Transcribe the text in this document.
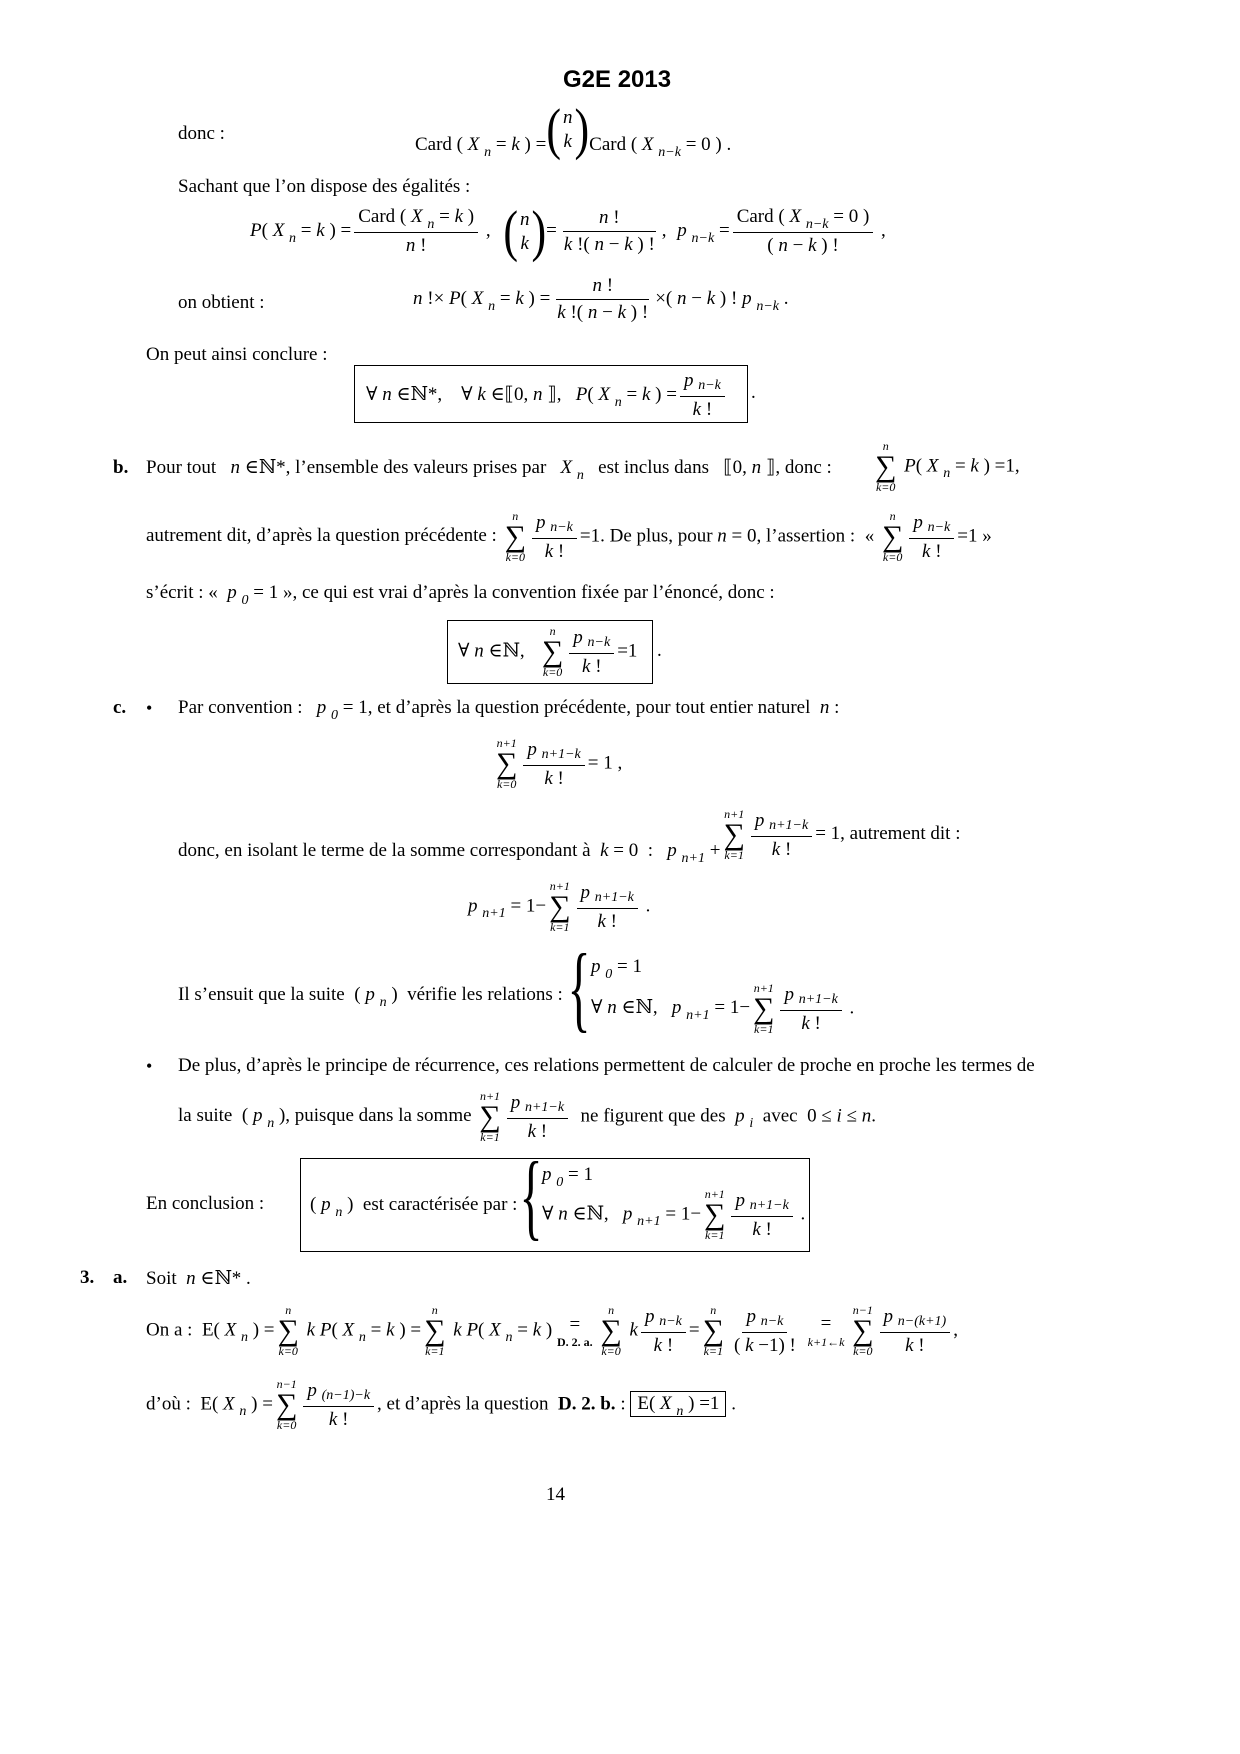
G2E 2013
donc :
Card ( X $_n$ = k ) = ( n
k ) Card ( X $_{n-k}$ = 0 ) .
Sachant que l’on dispose des égalités :
P( X $_n$ = k ) = $\frac{Card ( X _n = k )}{n !}$ , ( n
k ) = $\frac{n !}{k !( n - k ) !}$ , p $_{n-k} = \frac{Card ( X _{n-k} = 0 )}{( n - k ) !}$ ,
on obtient :	n !× P( X $_n$ = k ) = $\frac{n !}{k !( n - k ) !}$ ×( n − k ) ! p $_{n-k}$ .
On peut ainsi conclure :
∀ n ∈ℕ*,    ∀ k ∈⟦0, n ⟧,   P( X $_n$ = k ) = $\frac{\text{p n−k}}{k !}$ .
b. Pour tout n ∈ℕ*, l’ensemble des valeurs prises par X $_n$ est inclus dans   ⟦0, n ⟧, donc :
n
∑
k=0
P( X $_n$ = k ) =1,
autrement dit, d’après la question précédente :
n
∑
$k=0 \frac{\text{p n−k}}{k !} =1$. De plus, pour n = 0, l’assertion :  «
n
∑
$k=0 \frac{\text{p n−k}}{k !} =1$ »
s’écrit : « p $_0$ = 1 », ce qui est vrai d’après la convention fixée par l’énoncé, donc :
∀ n ∈ℕ,
n
∑
$k=0 \frac{\text{p n−k}}{k !} =1$ .
c. • Par convention : p $_0$ = 1, et d’après la question précédente, pour tout entier naturel n :
n+1
∑
$k=0 \frac{\text{p n+1−k}}{k !} = 1$ ,
donc, en isolant le terme de la somme correspondant à k = 0  :   p $_{n+1}$ +
n+1
∑
$k=1 \frac{\text{p n+1−k}}{k !} = 1$, autrement dit :
p $_{n+1}$ = 1−
n+1
∑
$k=1 \frac{\text{p n+1−k}}{k !}$ .
Il s’ensuit que la suite  ( p $_n$ )  vérifie les relations : { p $_0$ = 1
∀ n ∈ℕ,   p $_{n+1}$ = 1−
n+1
∑
$k=1 \frac{\text{p n+1−k}}{k !}$ .
• De plus, d’après le principe de récurrence, ces relations permettent de calculer de proche en proche les termes de
la suite  ( p $_n$ ), puisque dans la somme
n+1
∑
$k=1 \frac{\text{p n+1−k}}{k !}$ ne figurent que des p $_i$ avec  0 ≤ i ≤ n.
En conclusion : ( p $_n$ )  est caractérisée par : { p $_0$ = 1
∀ n ∈ℕ,   p $_{n+1}$ = 1−
n+1
∑
$k=1 \frac{\text{p n+1−k}}{k !}$ .
3. a. Soit n ∈ℕ* .
On a :  E( X $_n$ ) =
n
∑
k=0
k P( X $_n$ = k ) =
n
∑
k=1
k P( X $_n$ = k ) =
D. 2. a.

n
∑
k=0
k $\frac{\text{p n−k}}{k !}$ =
n
∑
$k=1 \frac{\text{p n−k}}{( k -1) !}$
=
k+1←k

n−1
∑
$k=0 \frac{\text{p n−(k+1)}}{k !}$ ,
d’où :  E( X $_n$ ) =
n−1
∑
$k=0 \frac{p (n-1)-k}{k !}$ , et d’après la question D. 2. b. : E( X $_n$ ) =1 .
14
